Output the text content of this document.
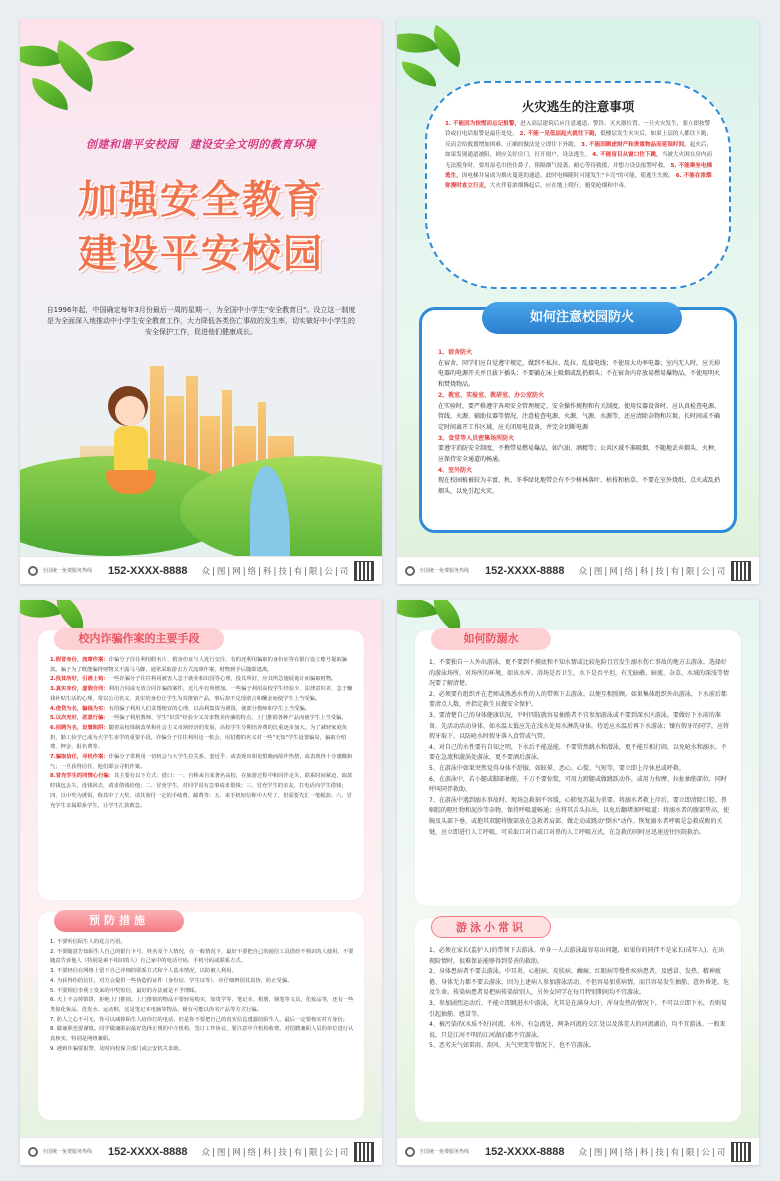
创建和谐平安校园　建设安全文明的教育环境
加强安全教育
建设平安校园
自1996年起，中国确定每年3月份最后一周的星期一，为全国中小学生"安全教育日"。设立这一制度是为全面深入地推动中小学生安全教育工作，大力降低各类伤亡事故的发生率，切实做好中小学生的安全保护工作，促进他们健康成长。
全国统一免费服务热线	152-XXXX-8888 众|图|网|络|科|技|有|限|公|司
火灾逃生的注意事项
1. 不能因为惊慌而忘记报警，进入高层建筑后应注意通道、警铃、灭火器位置。一旦火灾发生，要立即按警铃或打电话报警是最佳处处。 2. 不能一见低层起火就往下跑，低楼层发生火灾后，如果上层的人都往下跑，反而会给救援增加困难。正确的做法是立即往下外跑。 3. 不能因顾虑财产和贵重物品而延误时间，起火后，如果发现通道被阻，则应关好房门，打开窗户，设法逃生。 4. 不能盲目从窗口往下跳，当被大火困在房内而无法脱身时，要用湿毛巾捂住鼻子，阻隔烟气侵袭，耐心等待救援，并想方设法报警呼救。 5. 不能乘坐电梯逃生，因电梯井易成为烟火蔓延的通道，此时电梯随时可能发生"卡壳"的可能，使逃生失败。 6. 不能在浓烟弥漫时直立行走，大火伴着浓烟腾起后，应在地上爬行，避免呛烟和中毒。
如何注意校园防火
1、宿舍防火
在宿舍，同学们应自觉遵守规定，做到不私拉、乱拉、乱接电线；不使用大功率电器；室内无人时，应关掉电器的电源开关并且拔下插头；不要躺在床上吸烟或乱扔烟头；不在宿舍内存放易燃易爆物品，不使用明火和焚烧物品。
2、教室、实验室、教研室、办公室防火
在实验时，要严格遵守各项安全管理规定、安全操作规程和有关制度。使用仪器设备时，应认真检查电源、管线、火源、辅助仪器等情况，注意检查电源、火源、气源、水源等，还应清除杂物和垃圾。长时间或不确定时间离开工作区域，应关闭用电设备，并完全切断电源
3、食堂等人员密集场所防火
要遵守消防安全制度，不携带易燃易爆品，如汽油、酒精等；公共区域不准吸烟，不随地丢弃烟头、火种，应保持安全通道的畅通。
4、室外防火
现在校园植被较为丰富，秋、冬季绿化地带会有不少树林落叶、枯枝和枯草，不要在室外烧纸、点火或乱扔烟头，以免引起火灾。
全国统一免费服务热线	152-XXXX-8888 众|图|网|络|科|技|有|限|公|司
校内诈骗作案的主要手段
1.假冒身份，流窜作案：诈骗分子往往利用假名片、假身份证与人进行交往，有的还利用骗取的身份证等在银行设立账号提取骗款。骗子为了既能骗得财物又不露马马脚，通常采取游击方式流窜作案，财物到手后随即逃离。
2.投其所好，引诱上钩：一些诈骗分子往往利用被害人急于就业和出国等心理，投其所好，应其所急施展诡计而骗取财物。
3.真实身份，虚假合同：利用合同或无效合同诈骗的案件，近几年有所增加。一些骗子利用高校学生经验少、法律意识差、急于赚钱补贴生活的心理，常以公司名义、真实的身份让学生为其推销产品，事后却不兑现诺言和酬金而使学生上当受骗。
4.借贷为名，骗钱为实：有的骗子利用人们贪图便宜的心理，以高利集资为诱饵，使部分教师和学生上当受骗。
5.以次充好，恶意行骗：一些骗子利用教师、学生"识货"经验少又苛求物美价廉的特点，上门推销各种产品而使学生上当受骗。
6.招聘为名，设置陷阱：随着高校体制改革和社会主义市场经济的发展，高校学生分期培养费的比重逐步加大。为了减轻家庭负担，勤工俭学已成为大学生求学的重要手段。诈骗分子往往利用这一机会，用招聘的名义对一些"无知"学生设置骗局，骗取介绍费、押金、报名费等。
7.骗取信任，寻机作案：诈骗分子常利用一切机会与大学生拉关系、套近乎，或表现出相见恨晚而故作热情，或表现得十分感慨和气；一旦获得信任，他们即会寻机作案。
8.冒充学生的同情心行骗：其主要有以下方式、借口：一、自称来自某著名高校，在旅游过程中和同伴走失，联系时间紧迫，取款时钱包丢失，没钱回去，请求借钱给他；二、冒充学生，对同学说有急事请求借钱；三、冒充学生的亲友，打电话向学生借钱；四、以中奖为诱饵，称其中了大奖，请其预付一定的手续费、邮费等；五、来手机短信称中大奖了，但需要先汇一笔税款；六、冒充学生亲属联系学生，让学生汇款救急。
预防措施
1. 不要听信陌生人的花言巧语。
2. 不要随意告知陌生人自己的银行卡号、姓名及个人情况，在一般情况下，最好不要把自己的通信工具借给不熟识的人使用，不要随意告诉他人（特别是素不相识的人）自己家中的电话号码、手机号码或联系方式。
3. 不要轻信在网络上留下自己详细的联系方式和个人基本情况，以防被人利用。
4. 为获得你的信任，对方会提供一些伪造的证件（身份证、学生证等），应仔细辨别其真伪，防止受骗。
5. 不要相信李利上发来的中奖短信，最好的办法就是不予理睬。
6. 天上不会掉馅饼，拒绝上门推销。上门推销的物品不要轻易购买，如贵学等、笔记本、相册、钢笔等文具，化妆品等，还有一些类似化妆品、洗发水、运动鞋，这是笔记本电脑等物品，极有可能以伪劣产品等方式行骗。
7. 防人之心不可无，你可以减掉陌生人给你打的电话，但是你不要把自己的真实信息透露给陌生人，最后一定要核实对方身份。
8. 做兼职也要谨慎。同学做兼职前最好选择正规的中介机构，签订工作协议，要注意中介机构收费。对招聘兼职人员的单位进行认真核实，特别是网络兼职。
9. 遇到诈骗要报警，及时向校保卫部门或公安机关求助。
全国统一免费服务热线	152-XXXX-8888 众|图|网|络|科|技|有|限|公|司
如何防溺水
1、不要独自一人外出游泳，更不要到不摸底和不知水情或比较危险且宜发生溺水伤亡事故的地方去游泳。选择好的游泳场所，对场所的环境，如该水库、浴场是否卫生，水下是否平坦，有无暗礁、暗流、杂草，水域的深浅等情况要了解清楚。
2、必须要有组织并在老师或熟悉水性的人的带领下去游泳。以便互相照顾。如果集体组织外出游泳，下水前后都要清点人数，并指定救生员做安全保护。
3、要清楚自己的身体健康状况，平时四肢就容易抽筋者不宜参加游泳或不要到深水区游泳。要做好下水前的准备，先活动活动身体，如水温太低应先在浅水处用水淋洗身体，待适应水温后再下水游泳；镶有假牙的同学，应将假牙取下，以防呛水时假牙落入食管或气管。
4、对自己的水性要有自知之明，下水后不能逞能，不要贸然跳水和潜泳，更不能互相打闹，以免呛水和溺水。不要在急流和漩涡处游泳，更不要酒后游泳。
5、在游泳中如果突然觉得身体不舒服，如眩晕、恶心、心慌、气短等，要立即上岸休息或呼救。
6、在游泳中，若小腿或脚部抽筋，千万不要惊慌，可用力蹬腿或做跳跃动作，或用力按摩、拉扯抽筋部位，同时呼叫同伴救助。
7、在游泳中遇到溺水事故时，现场急救刻不容缓，心肺复苏最为重要。将溺水者救上岸后，要立即清除口腔、鼻咽腔的呕吐物和泥沙等杂物，保持呼吸道畅通；应将其舌头拉出，以免后翻堵塞呼吸道；将溺水者的腹部垫高，使胸及头部下垂，或抱其双腿将腹部放在急救者肩部，做走动或跳动"倒水"动作。恢复溺水者呼吸是急救成败的关键，应立即进行人工呼吸，可采取口对口或口对鼻的人工呼吸方式，在急救的同时应迅速送往医院救治。
游泳小常识
1、必须在家长(监护人)的带领下去游泳。单身一人去游泳最容易出问题，如果你的同伴不是家长(成年人)，在出现险情时，很难保证能够得到妥善的救助。
2、身体患病者不要去游泳。中耳炎、心脏病、皮肤病、癫痫、红眼病等慢性疾病患者，及感冒、发热、精神疲倦、身体无力都不要去游泳，因为上述病人参加游泳活动，不但容易加重病情，而且容易发生抽筋、意外昏迷，危及生命。传染病患者易把病传染给别人，另外女同学在每月特别期间均不宜游泳。
3、参加剧烈运动后，不能立即跳进水中游泳，尤其是在满身大汗，浑身发热的情况下，不可以立即下水，否则易引起抽筋、感冒等。
4、被污染的(水质不好)河流、水库，有急流处，两条河流的交汇处以及落差大的河流湖泊，均不宜游泳。一般来说，只是江河不明的江河湖泊都不宜游泳。
5、恶劣天气如雷雨、刮风、天气突变等情况下，也不宜游泳。
全国统一免费服务热线	152-XXXX-8888 众|图|网|络|科|技|有|限|公|司
